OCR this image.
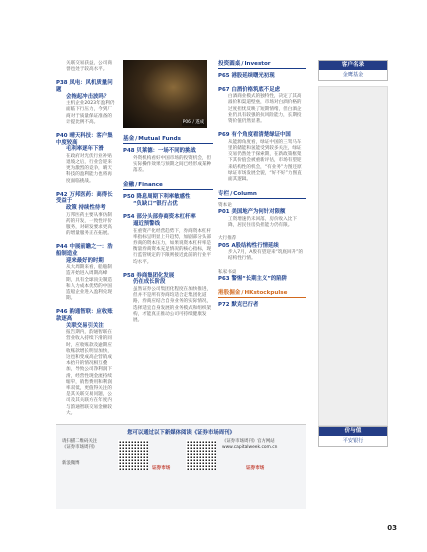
关联交易获益，公司商誉也处于较高水平。
P38 凤电：风机质量问题
会拖起冲击波吗？
主机企业2023年盈利仍面临下行压力，今到厂商对于质量保证准备的计提比例不高。
P40 晴天科技：客户集中度较高
毛利率逐年下滑
在政府对光伏行业补贴退坡之后，行业会迎来更为激烈的竞争，晴天科技的盈利能力也将再度面临挑战。
P42 万邦医药：高得长受益于
政策 持续性待考
万邦医药主要从事仿制药的开发，一致性评价服务，对研发要求更高的增量服务正在拓展。
P44 中展前瞻之一：浩船制造业
迎来最好的时期
从大周期来看，船舶制造开始进入周期高峰期，具有全球顶尖制造和人力成本优势的中国造船企业进入盈利兑现期。
P46 韵通智联：应收账款逐高
关联交易引关注
报告期内，韵通智联在营业收入持续下滑的同时，应收账款及逾期应收账款增长明显加快，这也和变成高企营销成本抬升的情况相互叠加，导致公司净利润下滑，经营性现金流持续缩窄，销售费用和利润率双低，更值得关注的是其关联交易问题，公司及其关联方在年度内与韵通智联交易金额较大。
P06 / 遂成
基金/Mutual Funds
P48 贝莱德：一场不同的挑战
外资机构看好中国市场的投资机会，但实际操作效果与预期之间已经形成某种落差。
金融/Finance
P50 降息周期下利率敏感性
“负缺口”银行占优
P54 部分头部券商资本杠杆率
逼近预警线
在重资产化经营趋势下，券商资本杠杆率指标呈明显上升趋势，加剧部分头部券商的资本压力，如果说资本杠杆率是衡量券商资本充足情况的核心指标，现行监管规定的下限则接近此前的行业平均水平。
P58 券商集团化发展
仍在成长阶段
虽然证券公司集团化程度在加快推进，但并不是所有券商均适合走集团化道路，券商应结合自身业务的实际情况，选择适宜自身发展的业务模式和组织架构，才能真正推动公司可持续健康发展。
投资圆桌/Investor
P65 港股延续曙光初现
P67 白酒价格筑底不足虑
白酒商业模式的独特性，决定了其高溢价和渠道壁垒，市场对白酒价格的过度担忧反映了短期情绪，但白酒企业仍具有较强的抗风险能力，长期投资价值仍然显著。
P69 有个角度看清楚绿证中国
从能源角度看，绿证中国的三驾马车里的储能和氢能受到较多关注，绿证交易仍然处于探索期，在新政策框架下其价值会被重新评估，市场有望迎来结构性的机会，“有业务”力图还原绿证市场发展全貌，“好不好”力图直面其逻辑。
专栏/Column
资本论
P01 美国地产为何针对限额
工资增速仍未回落，房价收入比下降，居民住房负担能力仍有限。
大行推荐
P05 A股结构性行情延续
步入7月，A股有望迎来“筑底回升”的结构性行情。
私家书桌
P63 警惕“长期主义”的陷阱
港股掘金/HKstockpulse
P72 默克巴行者
客户名录
金鹰基金
价与值
平安银行
您可以通过以下新媒体阅读《证券市场周刊》
请扫描二维码关注
《证券市场周刊》
新浪微博
证券市场
《证券市场周刊》官方网站
www.capitalweek.com.cn
证券市场
03
